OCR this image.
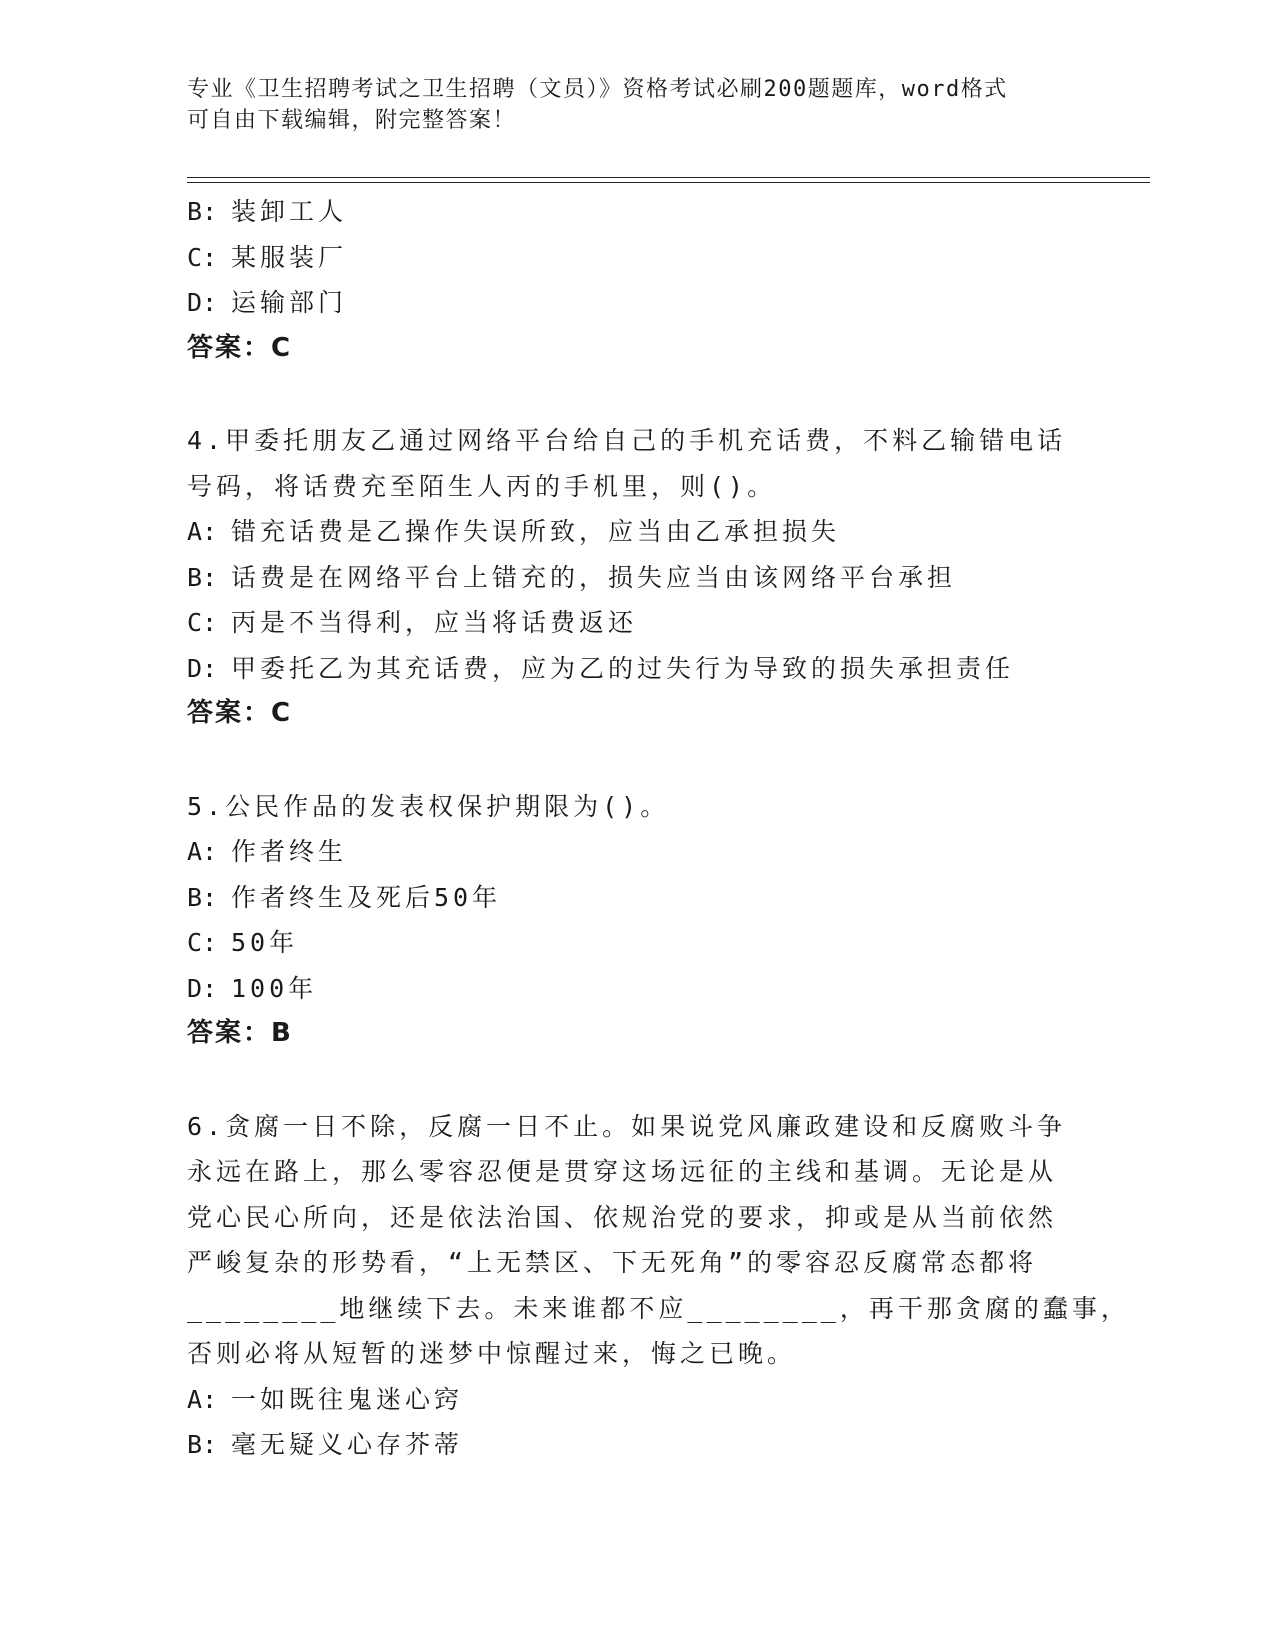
专业《卫生招聘考试之卫生招聘（文员）》资格考试必刷200题题库，word格式
可自由下载编辑，附完整答案！
B: 装卸工人
C: 某服装厂
D: 运输部门
答案：C
4.甲委托朋友乙通过网络平台给自己的手机充话费，不料乙输错电话
号码，将话费充至陌生人丙的手机里，则()。
A: 错充话费是乙操作失误所致，应当由乙承担损失
B: 话费是在网络平台上错充的，损失应当由该网络平台承担
C: 丙是不当得利，应当将话费返还
D: 甲委托乙为其充话费，应为乙的过失行为导致的损失承担责任
答案：C
5.公民作品的发表权保护期限为()。
A: 作者终生
B: 作者终生及死后50年
C: 50年
D: 100年
答案：B
6.贪腐一日不除，反腐一日不止。如果说党风廉政建设和反腐败斗争
永远在路上，那么零容忍便是贯穿这场远征的主线和基调。无论是从
党心民心所向，还是依法治国、依规治党的要求，抑或是从当前依然
严峻复杂的形势看，“上无禁区、下无死角”的零容忍反腐常态都将
________地继续下去。未来谁都不应________，再干那贪腐的蠢事，
否则必将从短暂的迷梦中惊醒过来，悔之已晚。
A: 一如既往鬼迷心窍
B: 毫无疑义心存芥蒂
